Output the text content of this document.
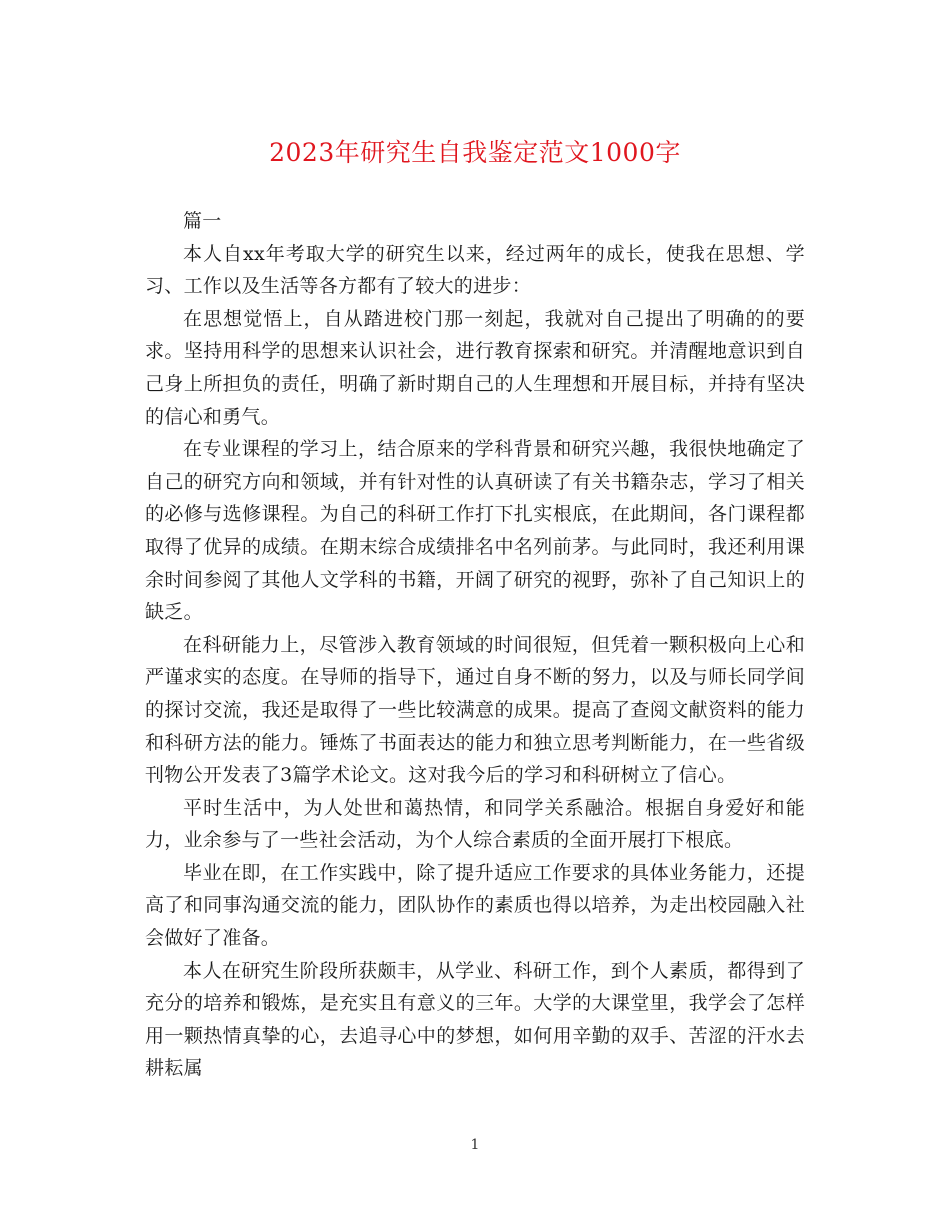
2023年研究生自我鉴定范文1000字

篇一

本人自xx年考取大学的研究生以来，经过两年的成长，使我在思想、学习、工作以及生活等各方都有了较大的进步：

在思想觉悟上，自从踏进校门那一刻起，我就对自己提出了明确的的要求。坚持用科学的思想来认识社会，进行教育探索和研究。并清醒地意识到自己身上所担负的责任，明确了新时期自己的人生理想和开展目标，并持有坚决的信心和勇气。

在专业课程的学习上，结合原来的学科背景和研究兴趣，我很快地确定了自己的研究方向和领域，并有针对性的认真研读了有关书籍杂志，学习了相关的必修与选修课程。为自己的科研工作打下扎实根底，在此期间，各门课程都取得了优异的成绩。在期末综合成绩排名中名列前茅。与此同时，我还利用课余时间参阅了其他人文学科的书籍，开阔了研究的视野，弥补了自己知识上的缺乏。

在科研能力上，尽管涉入教育领域的时间很短，但凭着一颗积极向上心和严谨求实的态度。在导师的指导下，通过自身不断的努力，以及与师长同学间的探讨交流，我还是取得了一些比较满意的成果。提高了查阅文献资料的能力和科研方法的能力。锤炼了书面表达的能力和独立思考判断能力，在一些省级刊物公开发表了3篇学术论文。这对我今后的学习和科研树立了信心。

平时生活中，为人处世和蔼热情，和同学关系融洽。根据自身爱好和能力，业余参与了一些社会活动，为个人综合素质的全面开展打下根底。

毕业在即，在工作实践中，除了提升适应工作要求的具体业务能力，还提高了和同事沟通交流的能力，团队协作的素质也得以培养，为走出校园融入社会做好了准备。

本人在研究生阶段所获颇丰，从学业、科研工作，到个人素质，都得到了充分的培养和锻炼，是充实且有意义的三年。大学的大课堂里，我学会了怎样用一颗热情真挚的心，去追寻心中的梦想，如何用辛勤的双手、苦涩的汗水去耕耘属

1
